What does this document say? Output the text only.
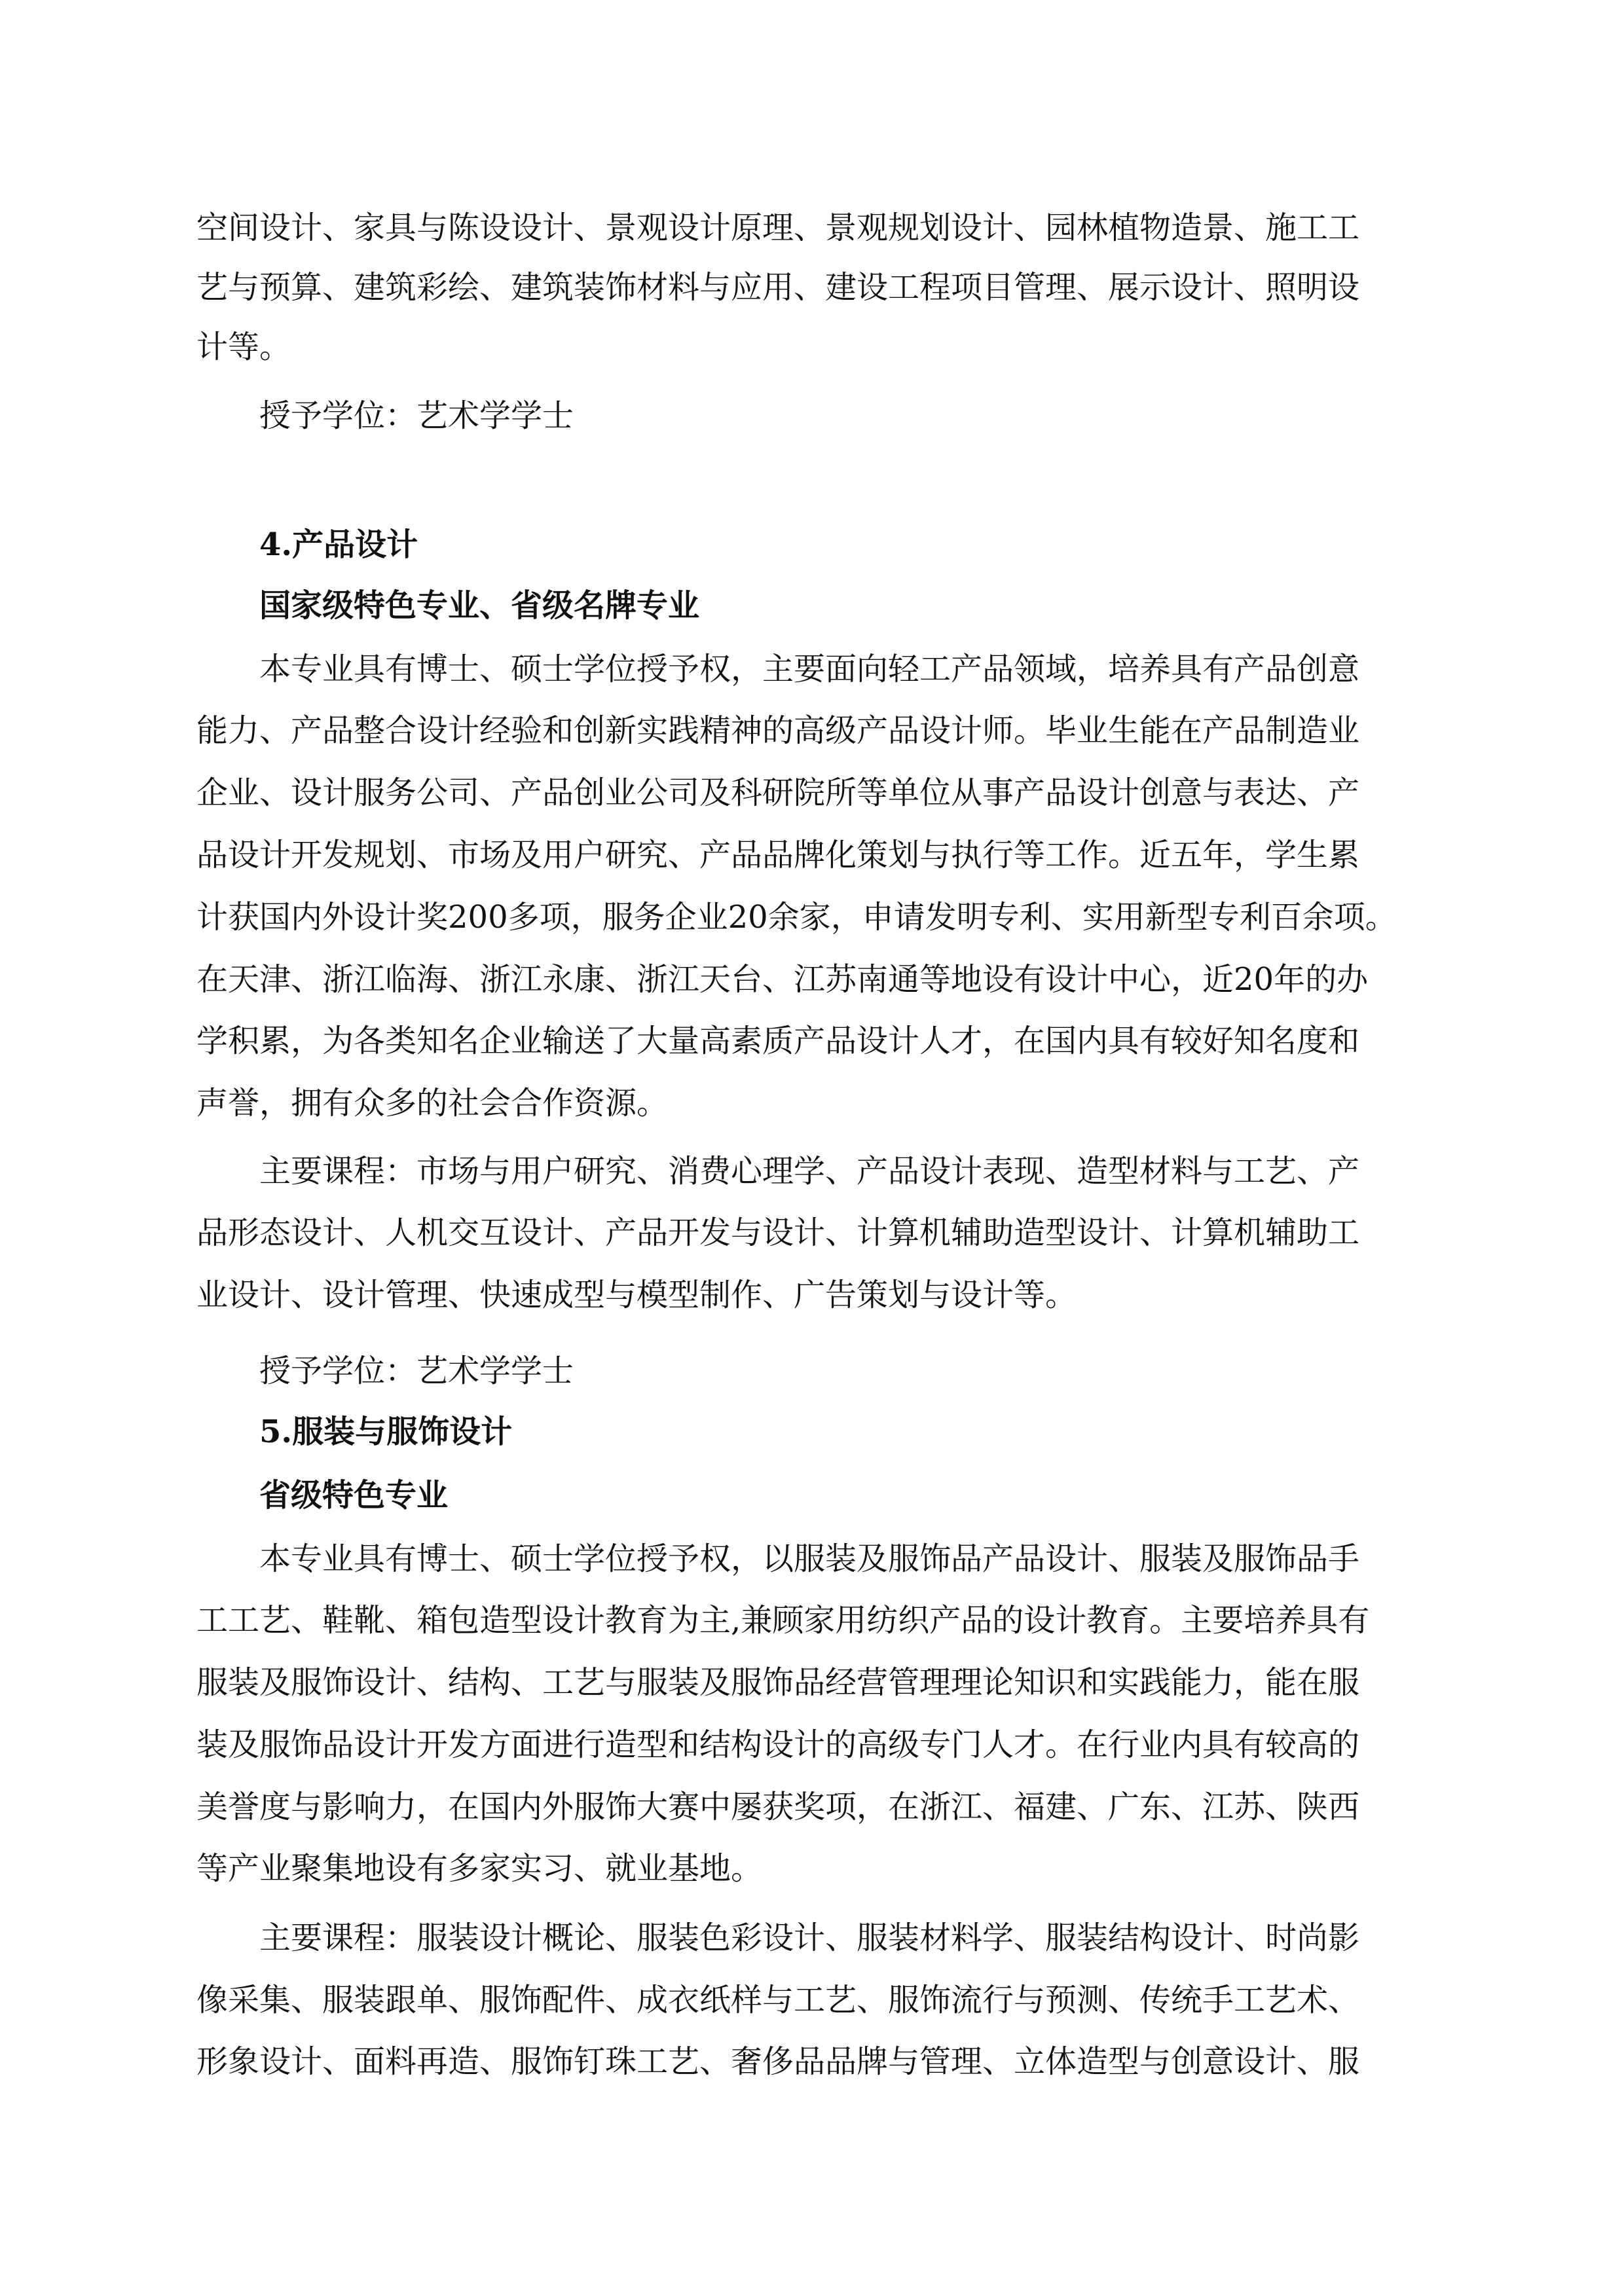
空间设计、家具与陈设设计、景观设计原理、景观规划设计、园林植物造景、施工工
艺与预算、建筑彩绘、建筑装饰材料与应用、建设工程项目管理、展示设计、照明设
计等。
授予学位：艺术学学士
4.产品设计
国家级特色专业、省级名牌专业
本专业具有博士、硕士学位授予权，主要面向轻工产品领域，培养具有产品创意
能力、产品整合设计经验和创新实践精神的高级产品设计师。毕业生能在产品制造业
企业、设计服务公司、产品创业公司及科研院所等单位从事产品设计创意与表达、产
品设计开发规划、市场及用户研究、产品品牌化策划与执行等工作。近五年，学生累
计获国内外设计奖200多项，服务企业20余家，申请发明专利、实用新型专利百余项。
在天津、浙江临海、浙江永康、浙江天台、江苏南通等地设有设计中心，近20年的办
学积累，为各类知名企业输送了大量高素质产品设计人才，在国内具有较好知名度和
声誉，拥有众多的社会合作资源。
主要课程：市场与用户研究、消费心理学、产品设计表现、造型材料与工艺、产
品形态设计、人机交互设计、产品开发与设计、计算机辅助造型设计、计算机辅助工
业设计、设计管理、快速成型与模型制作、广告策划与设计等。
授予学位：艺术学学士
5.服装与服饰设计
省级特色专业
本专业具有博士、硕士学位授予权，以服装及服饰品产品设计、服装及服饰品手
工工艺、鞋靴、箱包造型设计教育为主,兼顾家用纺织产品的设计教育。主要培养具有
服装及服饰设计、结构、工艺与服装及服饰品经营管理理论知识和实践能力，能在服
装及服饰品设计开发方面进行造型和结构设计的高级专门人才。在行业内具有较高的
美誉度与影响力，在国内外服饰大赛中屡获奖项，在浙江、福建、广东、江苏、陕西
等产业聚集地设有多家实习、就业基地。
主要课程：服装设计概论、服装色彩设计、服装材料学、服装结构设计、时尚影
像采集、服装跟单、服饰配件、成衣纸样与工艺、服饰流行与预测、传统手工艺术、
形象设计、面料再造、服饰钉珠工艺、奢侈品品牌与管理、立体造型与创意设计、服
